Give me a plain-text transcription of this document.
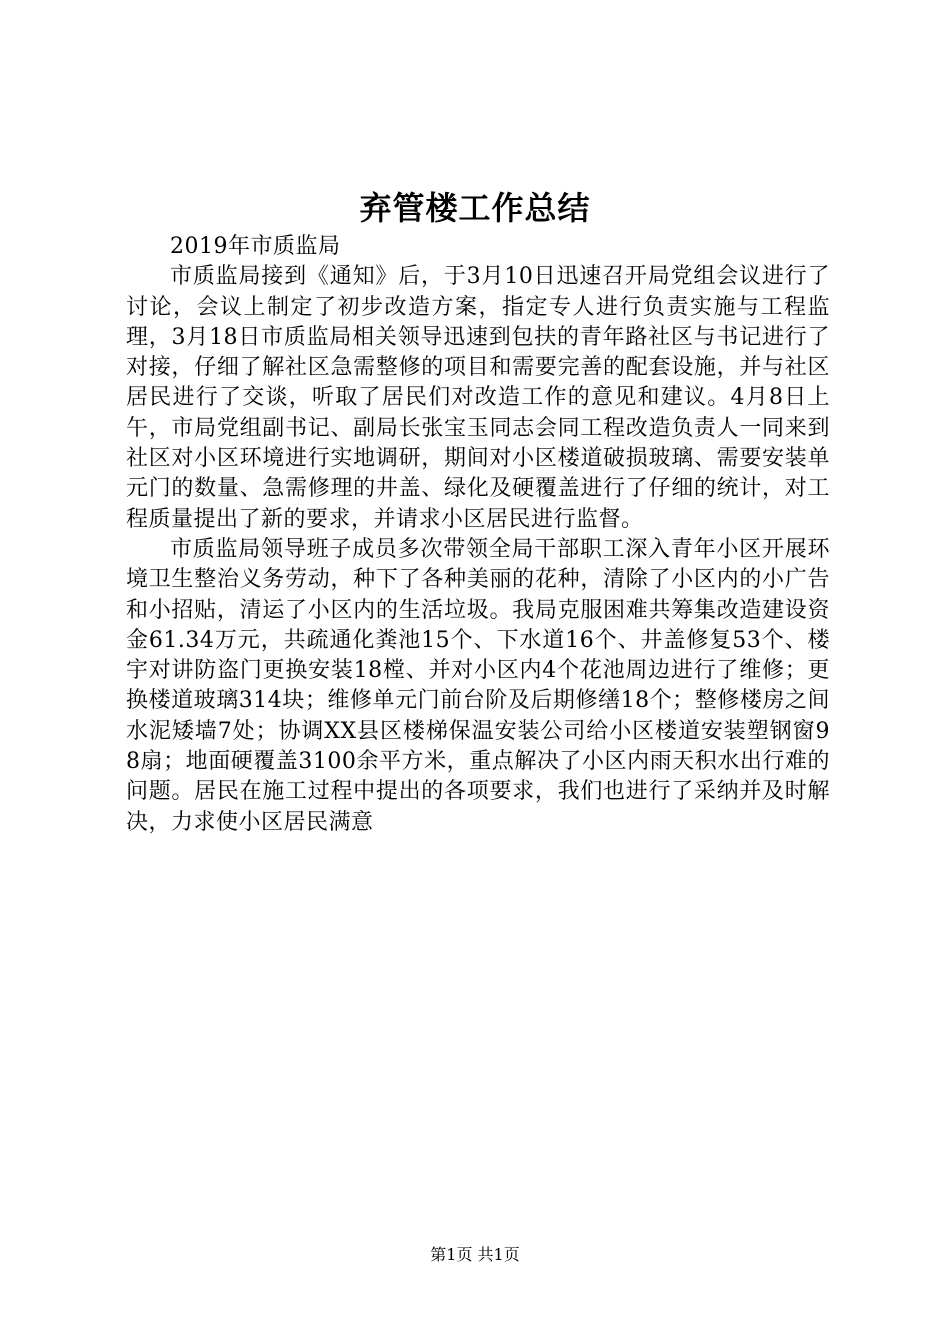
弃管楼工作总结

2019年市质监局

市质监局接到《通知》后，于3月10日迅速召开局党组会议进行了讨论，会议上制定了初步改造方案，指定专人进行负责实施与工程监理，3月18日市质监局相关领导迅速到包扶的青年路社区与书记进行了对接，仔细了解社区急需整修的项目和需要完善的配套设施，并与社区居民进行了交谈，听取了居民们对改造工作的意见和建议。4月8日上午，市局党组副书记、副局长张宝玉同志会同工程改造负责人一同来到社区对小区环境进行实地调研，期间对小区楼道破损玻璃、需要安装单元门的数量、急需修理的井盖、绿化及硬覆盖进行了仔细的统计，对工程质量提出了新的要求，并请求小区居民进行监督。

市质监局领导班子成员多次带领全局干部职工深入青年小区开展环境卫生整治义务劳动，种下了各种美丽的花种，清除了小区内的小广告和小招贴，清运了小区内的生活垃圾。我局克服困难共筹集改造建设资金61.34万元，共疏通化粪池15个、下水道16个、井盖修复53个、楼宇对讲防盗门更换安装18樘、并对小区内4个花池周边进行了维修；更换楼道玻璃314块；维修单元门前台阶及后期修缮18个；整修楼房之间水泥矮墙7处；协调XX县区楼梯保温安装公司给小区楼道安装塑钢窗98扇；地面硬覆盖3100余平方米，重点解决了小区内雨天积水出行难的问题。居民在施工过程中提出的各项要求，我们也进行了采纳并及时解决，力求使小区居民满意

第1页 共1页
